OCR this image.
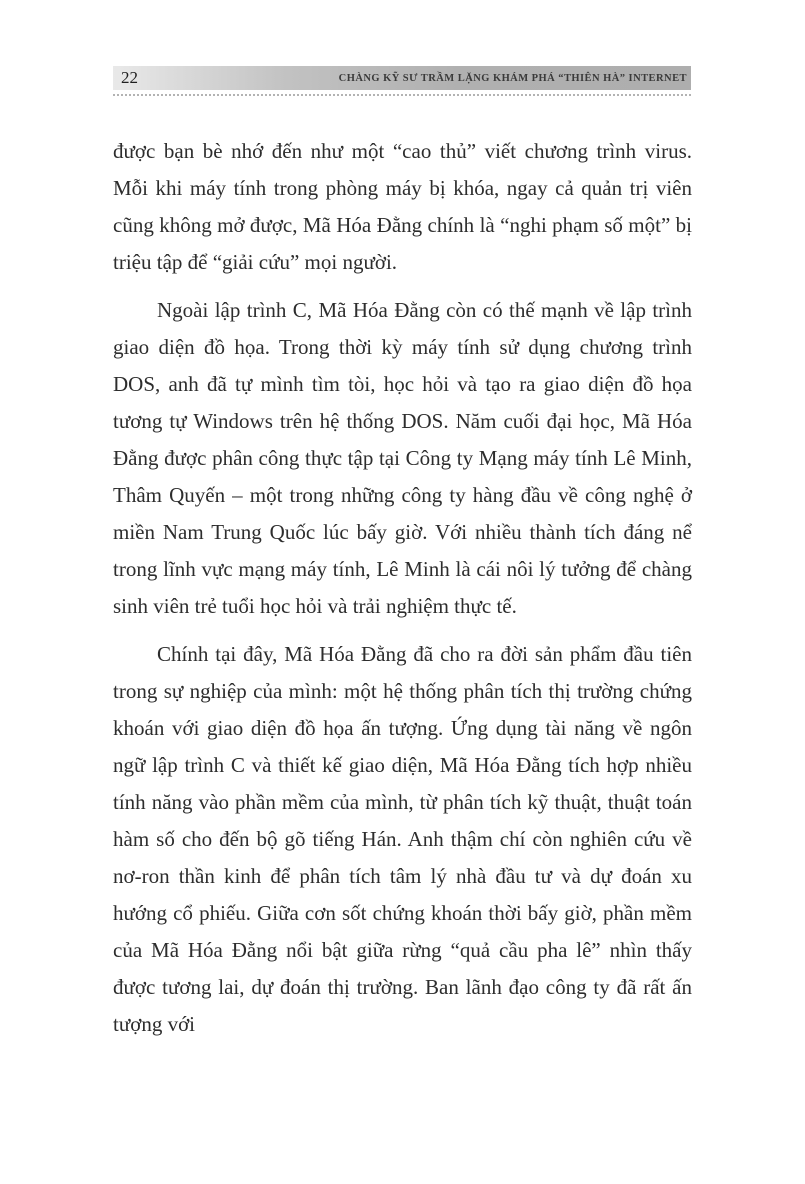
22	CHÀNG KỸ SƯ TRẦM LẶNG KHÁM PHÁ “THIÊN HÀ” INTERNET

được bạn bè nhớ đến như một “cao thủ” viết chương trình virus. Mỗi khi máy tính trong phòng máy bị khóa, ngay cả quản trị viên cũng không mở được, Mã Hóa Đằng chính là “nghi phạm số một” bị triệu tập để “giải cứu” mọi người.

Ngoài lập trình C, Mã Hóa Đằng còn có thế mạnh về lập trình giao diện đồ họa. Trong thời kỳ máy tính sử dụng chương trình DOS, anh đã tự mình tìm tòi, học hỏi và tạo ra giao diện đồ họa tương tự Windows trên hệ thống DOS. Năm cuối đại học, Mã Hóa Đằng được phân công thực tập tại Công ty Mạng máy tính Lê Minh, Thâm Quyến – một trong những công ty hàng đầu về công nghệ ở miền Nam Trung Quốc lúc bấy giờ. Với nhiều thành tích đáng nể trong lĩnh vực mạng máy tính, Lê Minh là cái nôi lý tưởng để chàng sinh viên trẻ tuổi học hỏi và trải nghiệm thực tế.

Chính tại đây, Mã Hóa Đằng đã cho ra đời sản phẩm đầu tiên trong sự nghiệp của mình: một hệ thống phân tích thị trường chứng khoán với giao diện đồ họa ấn tượng. Ứng dụng tài năng về ngôn ngữ lập trình C và thiết kế giao diện, Mã Hóa Đằng tích hợp nhiều tính năng vào phần mềm của mình, từ phân tích kỹ thuật, thuật toán hàm số cho đến bộ gõ tiếng Hán. Anh thậm chí còn nghiên cứu về nơ-ron thần kinh để phân tích tâm lý nhà đầu tư và dự đoán xu hướng cổ phiếu. Giữa cơn sốt chứng khoán thời bấy giờ, phần mềm của Mã Hóa Đằng nổi bật giữa rừng “quả cầu pha lê” nhìn thấy được tương lai, dự đoán thị trường. Ban lãnh đạo công ty đã rất ấn tượng với
